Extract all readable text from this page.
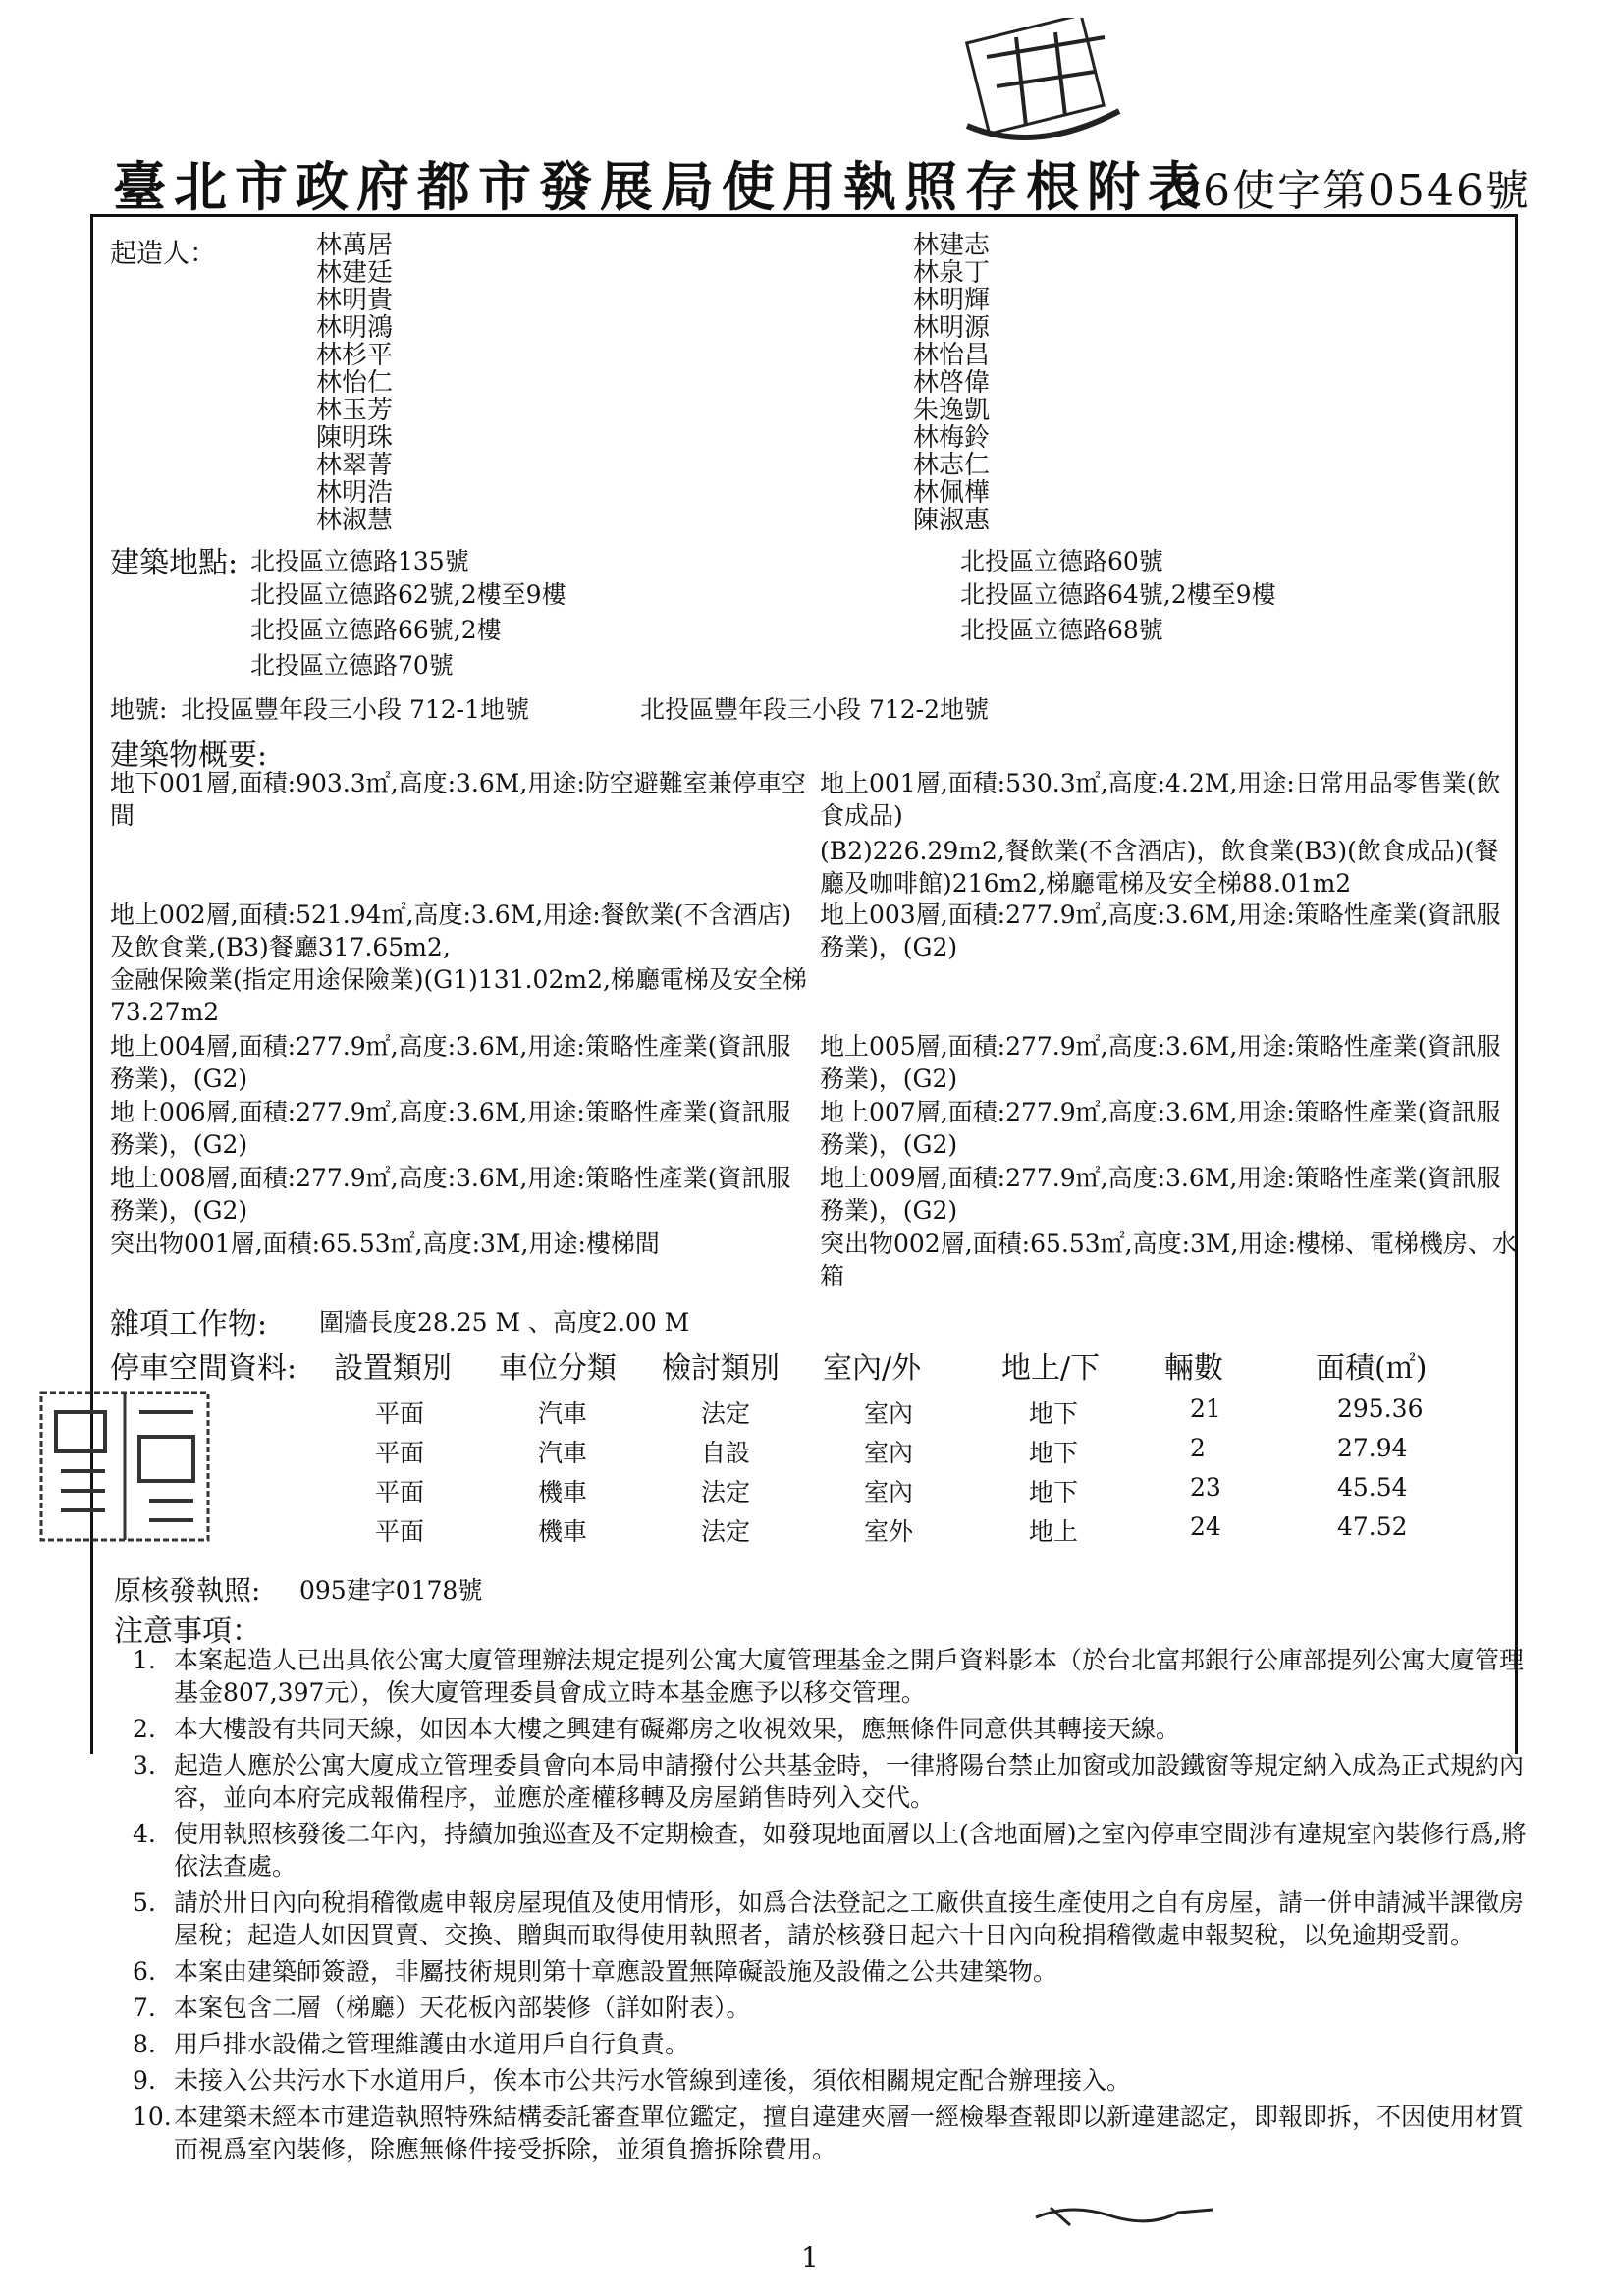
臺北市政府都市發展局使用執照存根附表
96使字第0546號
起造人：	林萬居
林建廷
林明貴
林明鴻
林杉平
林怡仁
林玉芳
陳明珠
林翠菁
林明浩
林淑慧
林建志
林泉丁
林明輝
林明源
林怡昌
林啓偉
朱逸凱
林梅鈴
林志仁
林佩樺
陳淑惠
建築地點: 北投區立德路135號	北投區立德路60號
北投區立德路62號,2樓至9樓	北投區立德路64號,2樓至9樓
北投區立德路66號,2樓	北投區立德路68號
北投區立德路70號
地號: 北投區豐年段三小段 712-1地號	北投區豐年段三小段 712-2地號
建築物概要:
地下001層,面積:903.3㎡,高度:3.6M,用途:防空避難室兼停車空間
地上001層,面積:530.3㎡,高度:4.2M,用途:日常用品零售業(飲食成品)
(B2)226.29m2,餐飲業(不含酒店)，飲食業(B3)(飲食成品)(餐廳及咖啡館)216m2,梯廳電梯及安全梯88.01m2
地上002層,面積:521.94㎡,高度:3.6M,用途:餐飲業(不含酒店)及飲食業,(B3)餐廳317.65m2,
金融保險業(指定用途保險業)(G1)131.02m2,梯廳電梯及安全梯73.27m2
地上003層,面積:277.9㎡,高度:3.6M,用途:策略性產業(資訊服務業)，(G2)
地上004層,面積:277.9㎡,高度:3.6M,用途:策略性產業(資訊服務業)，(G2)
地上005層,面積:277.9㎡,高度:3.6M,用途:策略性產業(資訊服務業)，(G2)
地上006層,面積:277.9㎡,高度:3.6M,用途:策略性產業(資訊服務業)，(G2)
地上007層,面積:277.9㎡,高度:3.6M,用途:策略性產業(資訊服務業)，(G2)
地上008層,面積:277.9㎡,高度:3.6M,用途:策略性產業(資訊服務業)，(G2)
地上009層,面積:277.9㎡,高度:3.6M,用途:策略性產業(資訊服務業)，(G2)
突出物001層,面積:65.53㎡,高度:3M,用途:樓梯間	突出物002層,面積:65.53㎡,高度:3M,用途:樓梯、電梯機房、水箱
雜項工作物: 圍牆長度28.25 M 、高度2.00 M
停車空間資料: 設置類別 車位分類 檢討類別 室內/外	地上/下 輛數	面積(㎡)
平面	汽車	法定	室內	地下	21	295.36
平面	汽車	自設	室內	地下	2	27.94
平面	機車	法定	室內	地下	23	45.54
平面	機車	法定	室外	地上	24	47.52
原核發執照: 095建字0178號
注意事項：
1. 本案起造人已出具依公寓大廈管理辦法規定提列公寓大廈管理基金之開戶資料影本（於台北富邦銀行公庫部提列公寓大廈管理基金807,397元），俟大廈管理委員會成立時本基金應予以移交管理。
2. 本大樓設有共同天線，如因本大樓之興建有礙鄰房之收視效果，應無條件同意供其轉接天線。
3. 起造人應於公寓大廈成立管理委員會向本局申請撥付公共基金時，一律將陽台禁止加窗或加設鐵窗等規定納入成為正式規約內容，並向本府完成報備程序，並應於產權移轉及房屋銷售時列入交代。
4. 使用執照核發後二年內，持續加強巡查及不定期檢查，如發現地面層以上(含地面層)之室內停車空間涉有違規室內裝修行爲,將依法查處。
5. 請於卅日內向稅捐稽徵處申報房屋現值及使用情形，如爲合法登記之工廠供直接生產使用之自有房屋，請一併申請減半課徵房屋稅；起造人如因買賣、交換、贈與而取得使用執照者，請於核發日起六十日內向稅捐稽徵處申報契稅，以免逾期受罰。
6. 本案由建築師簽證，非屬技術規則第十章應設置無障礙設施及設備之公共建築物。
7. 本案包含二層（梯廳）天花板內部裝修（詳如附表）。
8. 用戶排水設備之管理維護由水道用戶自行負責。
9. 未接入公共污水下水道用戶，俟本市公共污水管線到達後，須依相關規定配合辦理接入。
10. 本建築未經本市建造執照特殊結構委託審查單位鑑定，擅自違建夾層一經檢舉查報即以新違建認定，即報即拆，不因使用材質而視爲室內裝修，除應無條件接受拆除，並須負擔拆除費用。
1
